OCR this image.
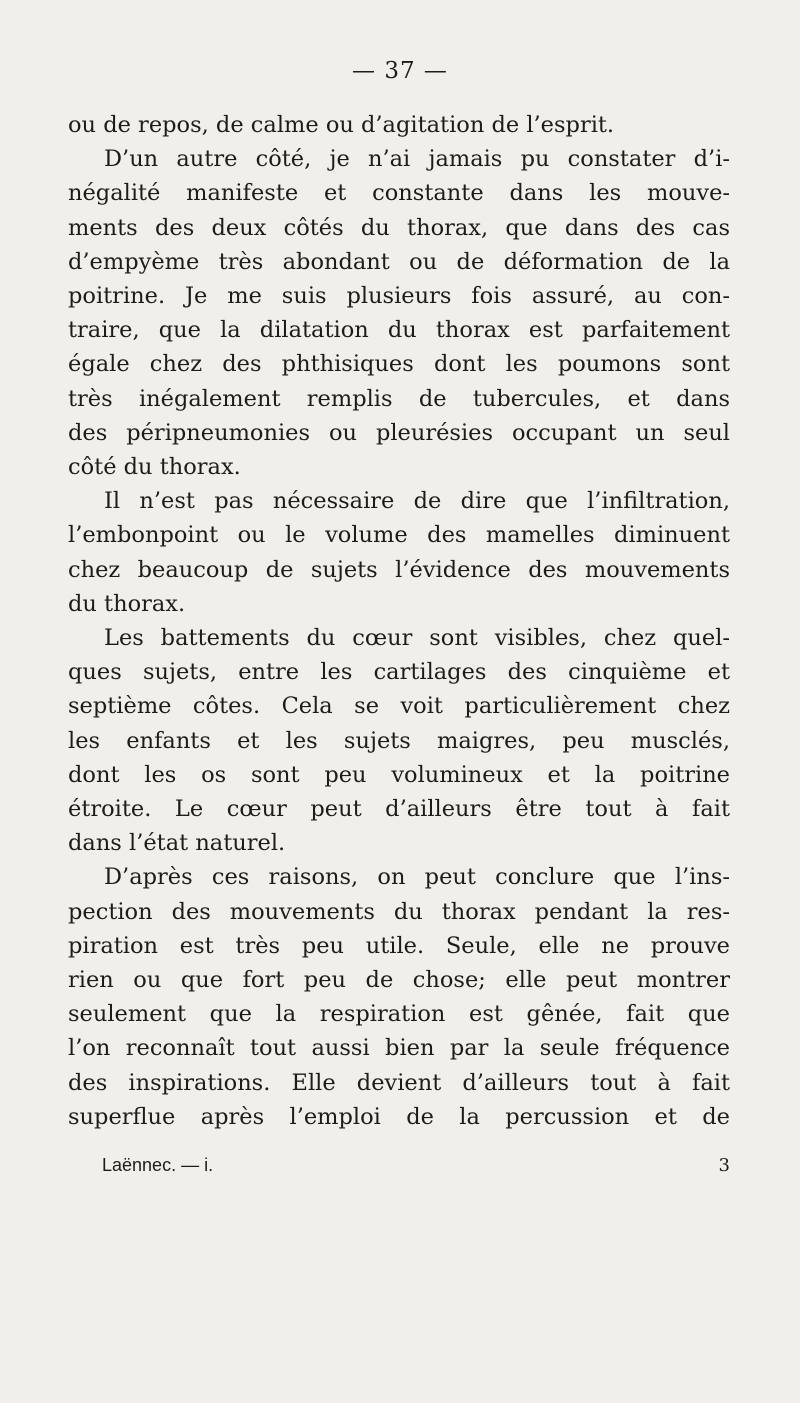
— 37 —
ou de repos, de calme ou d’agitation de l’esprit.
D’un autre côté, je n’ai jamais pu constater d’i-
négalité manifeste et constante dans les mouve-
ments des deux côtés du thorax, que dans des cas
d’empyème très abondant ou de déformation de la
poitrine. Je me suis plusieurs fois assuré, au con-
traire, que la dilatation du thorax est parfaitement
égale chez des phthisiques dont les poumons sont
très inégalement remplis de tubercules, et dans
des péripneumonies ou pleurésies occupant un seul
côté du thorax.
Il n’est pas nécessaire de dire que l’infiltration,
l’embonpoint ou le volume des mamelles diminuent
chez beaucoup de sujets l’évidence des mouvements
du thorax.
Les battements du cœur sont visibles, chez quel-
ques sujets, entre les cartilages des cinquième et
septième côtes. Cela se voit particulièrement chez
les enfants et les sujets maigres, peu musclés,
dont les os sont peu volumineux et la poitrine
étroite. Le cœur peut d’ailleurs être tout à fait
dans l’état naturel.
D’après ces raisons, on peut conclure que l’ins-
pection des mouvements du thorax pendant la res-
piration est très peu utile. Seule, elle ne prouve
rien ou que fort peu de chose; elle peut montrer
seulement que la respiration est gênée, fait que
l’on reconnaît tout aussi bien par la seule fréquence
des inspirations. Elle devient d’ailleurs tout à fait
superflue après l’emploi de la percussion et de
Laënnec. — i.	3
